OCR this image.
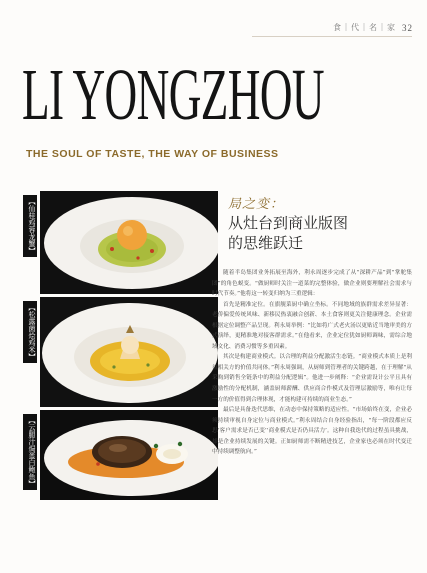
食｜代｜名｜家 32
LI YONGZHOU
THE SOUL OF TASTE, THE WAY OF BUSINESS
【仙桂鸡蓉龙蟹】
【松露菌烩鸡米】
【云腿汁焗蛋白鲍鱼】
局之变：
从灶台到商业版图
的思维跃迁

随着半岛集团业务拓展至海外，利永周逐步完成了从“深耕产品”到“掌舵集团”的角色蜕变。“做厨师时关注一道菜的完整体验，做企业则要理解社会需求与时代节奏。”他将这一转变归纳为三重逻辑：

首先是精准定位。在旗舰菜厨中确立坐标。不同地域的族群需求差异显著：老侨偏爱传统风味、新移民热衷融合创新、本土食客则更关注健康理念。企业需根据定位调整产品呈现。利永周举例：“比如将广式老火汤以更贴近当地审美的方式演绎，更精准地对接客群需求。”在他看来，企业定位犹如厨师调味，需综合地域文化、消费习惯等多重因素。

其次是构建商业模式。以合理的利益分配激活生态链。“商业模式本质上是利益相关方的价值共同体。”利永周强调，从厨师到管理者的关键跨越，在于理解“从采购到销售全链条中的利益分配逻辑”。他进一步阐释：“企业需设计公平且具有激励性的分配机制，涵盖厨师薪酬、供应商合作模式及管理层激励等，唯有让每一方的价值得到合理体现，才能构建可持续的商业生态。”

最后是具备迭代思维，在动态中保持策略的适应性。“市场始终在变，企业必须持续审视自身定位与商业模式。”利永周结合自身经验指出，“每一阶段都应反思‘客户需求是否已变’‘商业模式是否仍具活力’。这种自我迭代的过程虽具挑战，却是企业持续发展的关键。正如厨师需不断精进技艺，企业家也必须在时代变迁中持续调整航向。”
